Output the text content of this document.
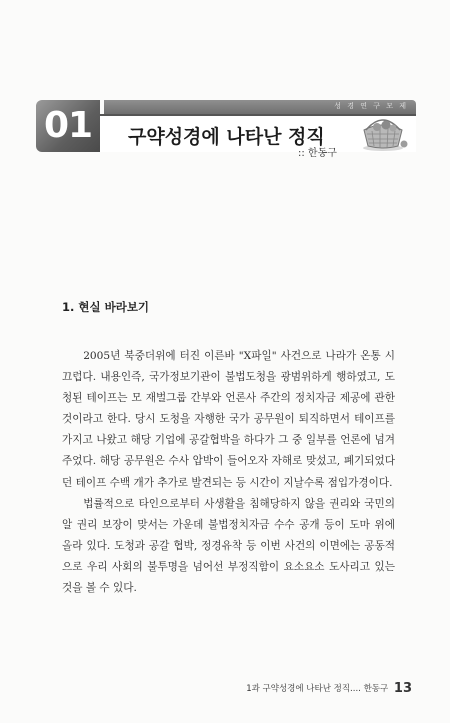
성 경 연 구 모 제
구약성경에 나타난 정직
01
:: 한동구
1. 현실 바라보기

2005년 북중더위에 터진 이른바 "X파일" 사건으로 나라가 온통 시끄럽다. 내용인즉, 국가정보기관이 불법도청을 광범위하게 행하였고, 도청된 테이프는 모 재벌그룹 간부와 언론사 주간의 정치자금 제공에 관한 것이라고 한다. 당시 도청을 자행한 국가 공무원이 퇴직하면서 테이프를 가지고 나왔고 해당 기업에 공갈협박을 하다가 그 중 일부를 언론에 넘겨주었다. 해당 공무원은 수사 압박이 들어오자 자해로 맞섰고, 폐기되었다던 테이프 수백 개가 추가로 발견되는 등 시간이 지날수록 점입가경이다.

법률적으로 타인으로부터 사생활을 침해당하지 않을 권리와 국민의 알 권리 보장이 맞서는 가운데 불법정치자금 수수 공개 등이 도마 위에 올라 있다. 도청과 공갈 협박, 정경유착 등 이번 사건의 이면에는 공동적으로 우리 사회의 불투명을 넘어선 부정직함이 요소요소 도사리고 있는 것을 볼 수 있다.

1과 구약성경에 나타난 정직.... 한동구 13
